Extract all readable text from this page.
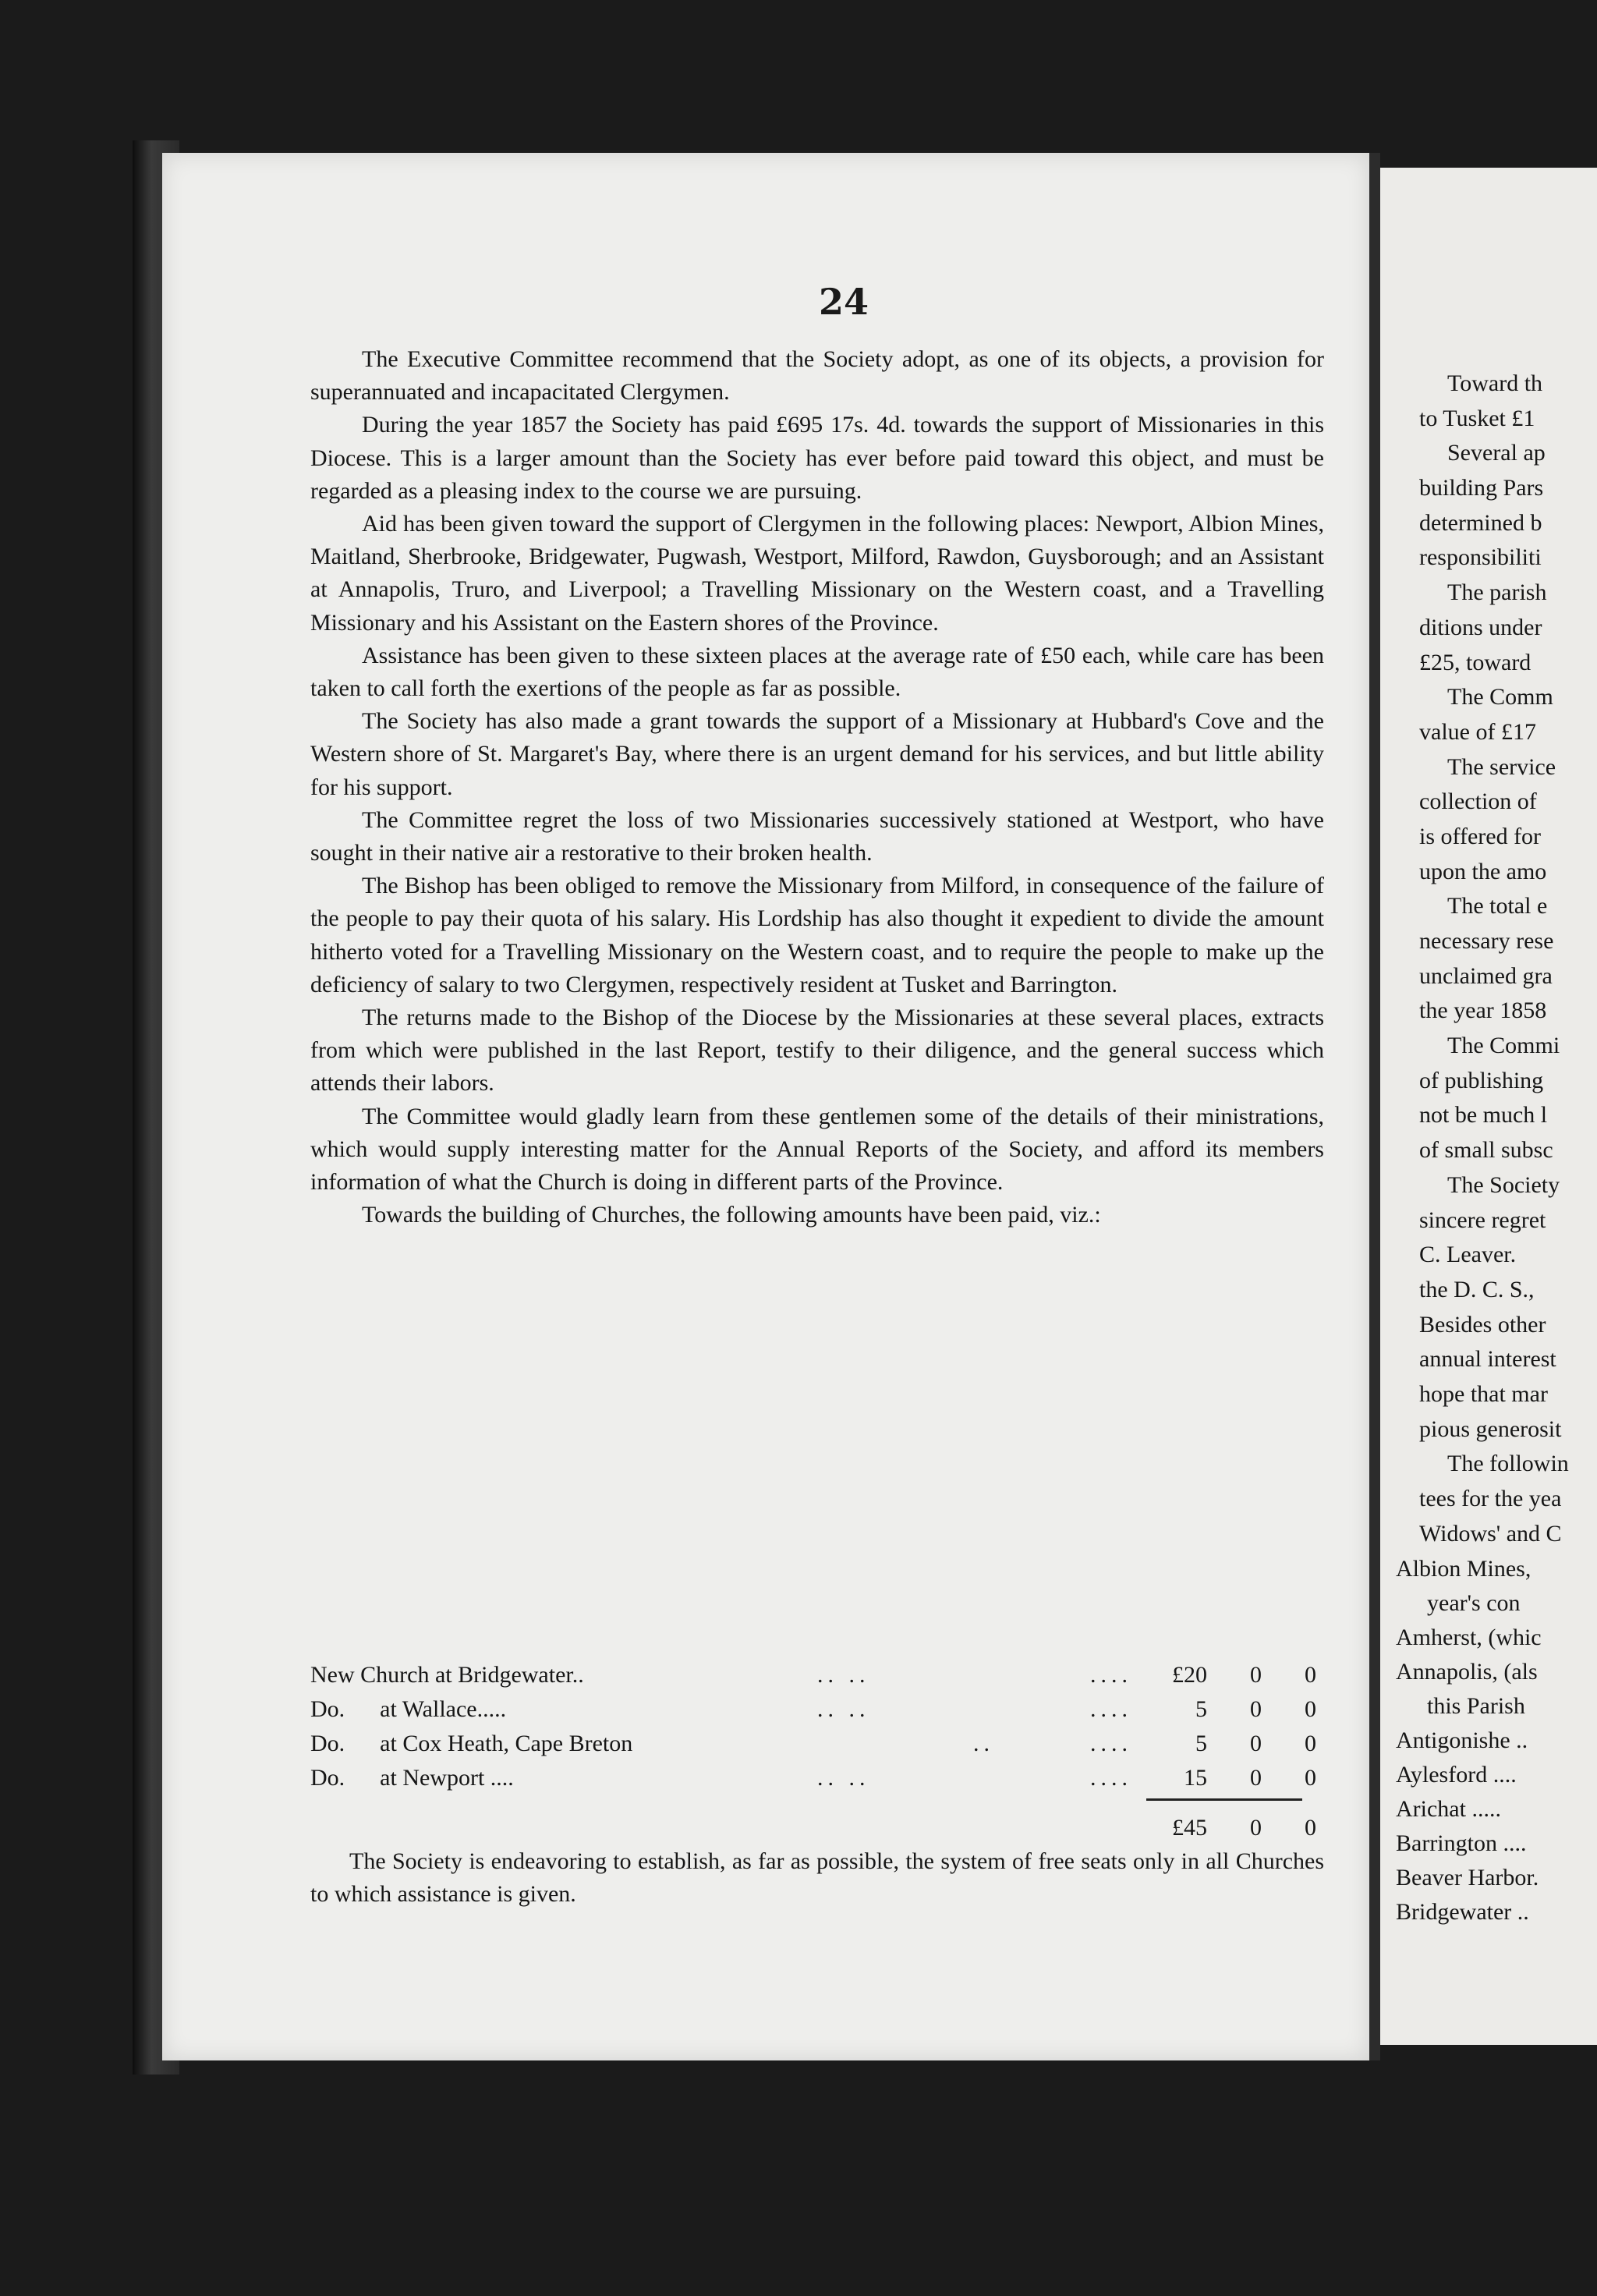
24

The Executive Committee recommend that the Society adopt, as one of its objects, a provision for superannuated and incapacitated Clergymen.

During the year 1857 the Society has paid £695 17s. 4d. towards the support of Missionaries in this Diocese. This is a larger amount than the Society has ever before paid toward this object, and must be regarded as a pleasing index to the course we are pursuing.

Aid has been given toward the support of Clergymen in the following places: Newport, Albion Mines, Maitland, Sherbrooke, Bridgewater, Pugwash, Westport, Milford, Rawdon, Guysborough; and an Assistant at Annapolis, Truro, and Liverpool; a Travelling Missionary on the Western coast, and a Travelling Missionary and his Assistant on the Eastern shores of the Province.

Assistance has been given to these sixteen places at the average rate of £50 each, while care has been taken to call forth the exertions of the people as far as possible.

The Society has also made a grant towards the support of a Missionary at Hubbard's Cove and the Western shore of St. Margaret's Bay, where there is an urgent demand for his services, and but little ability for his support.

The Committee regret the loss of two Missionaries successively stationed at Westport, who have sought in their native air a restorative to their broken health.

The Bishop has been obliged to remove the Missionary from Milford, in consequence of the failure of the people to pay their quota of his salary. His Lordship has also thought it expedient to divide the amount hitherto voted for a Travelling Missionary on the Western coast, and to require the people to make up the deficiency of salary to two Clergymen, respectively resident at Tusket and Barrington.

The returns made to the Bishop of the Diocese by the Missionaries at these several places, extracts from which were published in the last Report, testify to their diligence, and the general success which attends their labors.

The Committee would gladly learn from these gentlemen some of the details of their ministrations, which would supply interesting matter for the Annual Reports of the Society, and afford its members information of what the Church is doing in different parts of the Province.

Towards the building of Churches, the following amounts have been paid, viz.:

New Church at Bridgewater..	.. ..	.... £20	0	0
Do.      at Wallace.....	.. ..	....	5	0	0
Do.      at Cox Heath, Cape Breton	..	....	5	0	0
Do.      at Newport ....	.. ..	.... 15	0	0
£45	0	0

The Society is endeavoring to establish, as far as possible, the system of free seats only in all Churches to which assistance is given.

Toward th
to Tusket £1
Several ap
building Pars
determined b
responsibiliti
The parish
ditions under
£25, toward
The Comm
value of £17
The service
collection of
is offered for
upon the amo
The total e
necessary rese
unclaimed gra
the year 1858
The Commi
of publishing
not be much l
of small subsc
The Society
sincere regret
C. Leaver.
the D. C. S.,
Besides other
annual interest
hope that mar
pious generosit
The followin
tees for the yea
Widows' and C
Albion Mines,
year's con
Amherst, (whic
Annapolis, (als
this Parish
Antigonishe ..
Aylesford ....
Arichat .....
Barrington ....
Beaver Harbor.
Bridgewater ..
